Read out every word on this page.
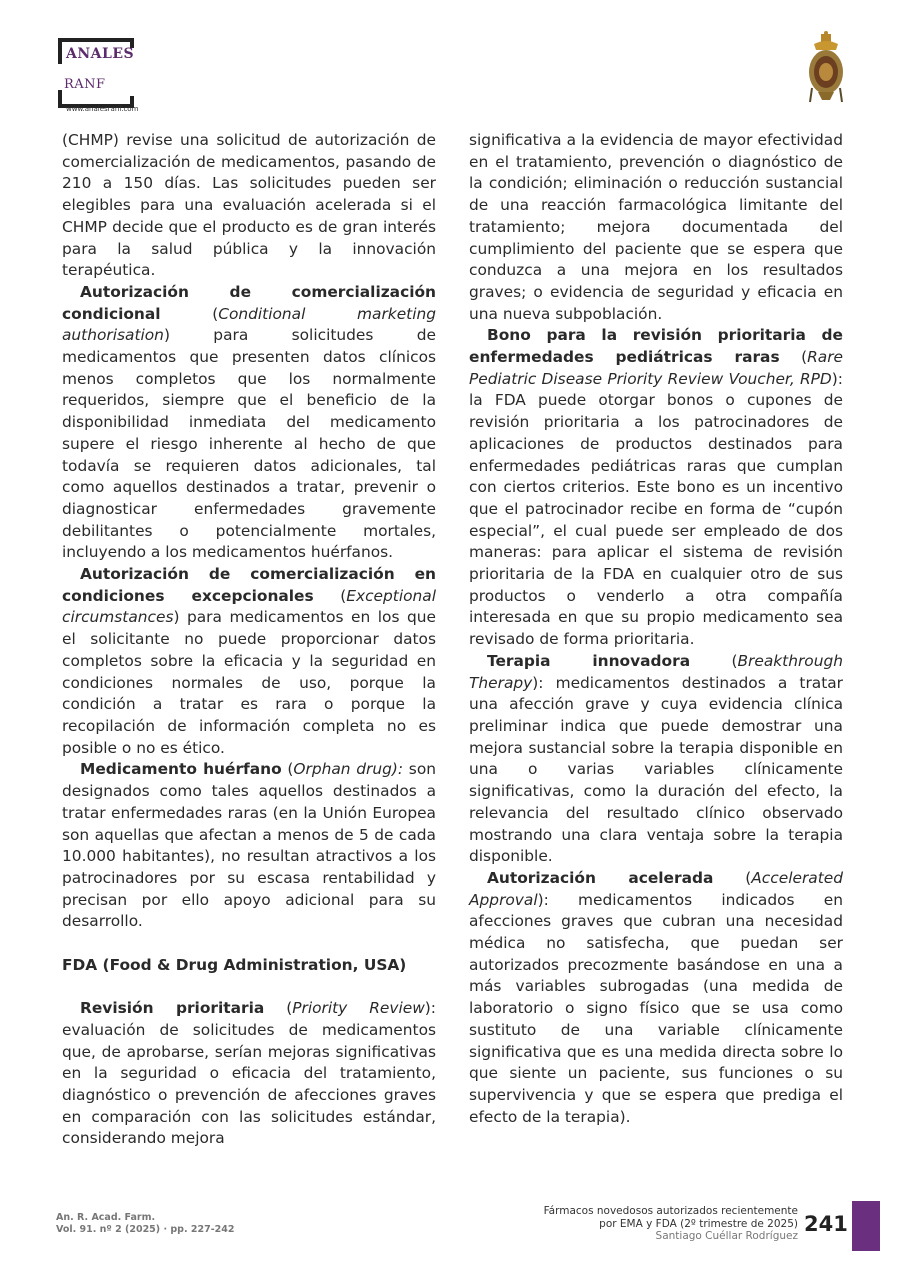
ANALES
RANF
www.analesranf.com

(CHMP) revise una solicitud de autorización de comercialización de medicamentos, pasando de 210 a 150 días. Las solicitudes pueden ser elegibles para una evaluación acelerada si el CHMP decide que el producto es de gran interés para la salud pública y la innovación terapéutica.

Autorización de comercialización condicional (Conditional marketing authorisation) para solicitudes de medicamentos que presenten datos clínicos menos completos que los normalmente requeridos, siempre que el beneficio de la disponibilidad inmediata del medicamento supere el riesgo inherente al hecho de que todavía se requieren datos adicionales, tal como aquellos destinados a tratar, prevenir o diagnosticar enfermedades gravemente debilitantes o potencialmente mortales, incluyendo a los medicamentos huérfanos.

Autorización de comercialización en condiciones excepcionales (Exceptional circumstances) para medicamentos en los que el solicitante no puede proporcionar datos completos sobre la eficacia y la seguridad en condiciones normales de uso, porque la condición a tratar es rara o porque la recopilación de información completa no es posible o no es ético.

Medicamento huérfano (Orphan drug): son designados como tales aquellos destinados a tratar enfermedades raras (en la Unión Europea son aquellas que afectan a menos de 5 de cada 10.000 habitantes), no resultan atractivos a los patrocinadores por su escasa rentabilidad y precisan por ello apoyo adicional para su desarrollo.

FDA (Food & Drug Administration, USA)

Revisión prioritaria (Priority Review): evaluación de solicitudes de medicamentos que, de aprobarse, serían mejoras significativas en la seguridad o eficacia del tratamiento, diagnóstico o prevención de afecciones graves en comparación con las solicitudes estándar, considerando mejora

significativa a la evidencia de mayor efectividad en el tratamiento, prevención o diagnóstico de la condición; eliminación o reducción sustancial de una reacción farmacológica limitante del tratamiento; mejora documentada del cumplimiento del paciente que se espera que conduzca a una mejora en los resultados graves; o evidencia de seguridad y eficacia en una nueva subpoblación.

Bono para la revisión prioritaria de enfermedades pediátricas raras (Rare Pediatric Disease Priority Review Voucher, RPD): la FDA puede otorgar bonos o cupones de revisión prioritaria a los patrocinadores de aplicaciones de productos destinados para enfermedades pediátricas raras que cumplan con ciertos criterios. Este bono es un incentivo que el patrocinador recibe en forma de “cupón especial”, el cual puede ser empleado de dos maneras: para aplicar el sistema de revisión prioritaria de la FDA en cualquier otro de sus productos o venderlo a otra compañía interesada en que su propio medicamento sea revisado de forma prioritaria.

Terapia innovadora (Breakthrough Therapy): medicamentos destinados a tratar una afección grave y cuya evidencia clínica preliminar indica que puede demostrar una mejora sustancial sobre la terapia disponible en una o varias variables clínicamente significativas, como la duración del efecto, la relevancia del resultado clínico observado mostrando una clara ventaja sobre la terapia disponible.

Autorización acelerada (Accelerated Approval): medicamentos indicados en afecciones graves que cubran una necesidad médica no satisfecha, que puedan ser autorizados precozmente basándose en una a más variables subrogadas (una medida de laboratorio o signo físico que se usa como sustituto de una variable clínicamente significativa que es una medida directa sobre lo que siente un paciente, sus funciones o su supervivencia y que se espera que prediga el efecto de la terapia).

An. R. Acad. Farm.
Vol. 91. nº 2 (2025) · pp. 227-242
Fármacos novedosos autorizados recientemente
por EMA y FDA (2º trimestre de 2025)
Santiago Cuéllar Rodríguez 241
